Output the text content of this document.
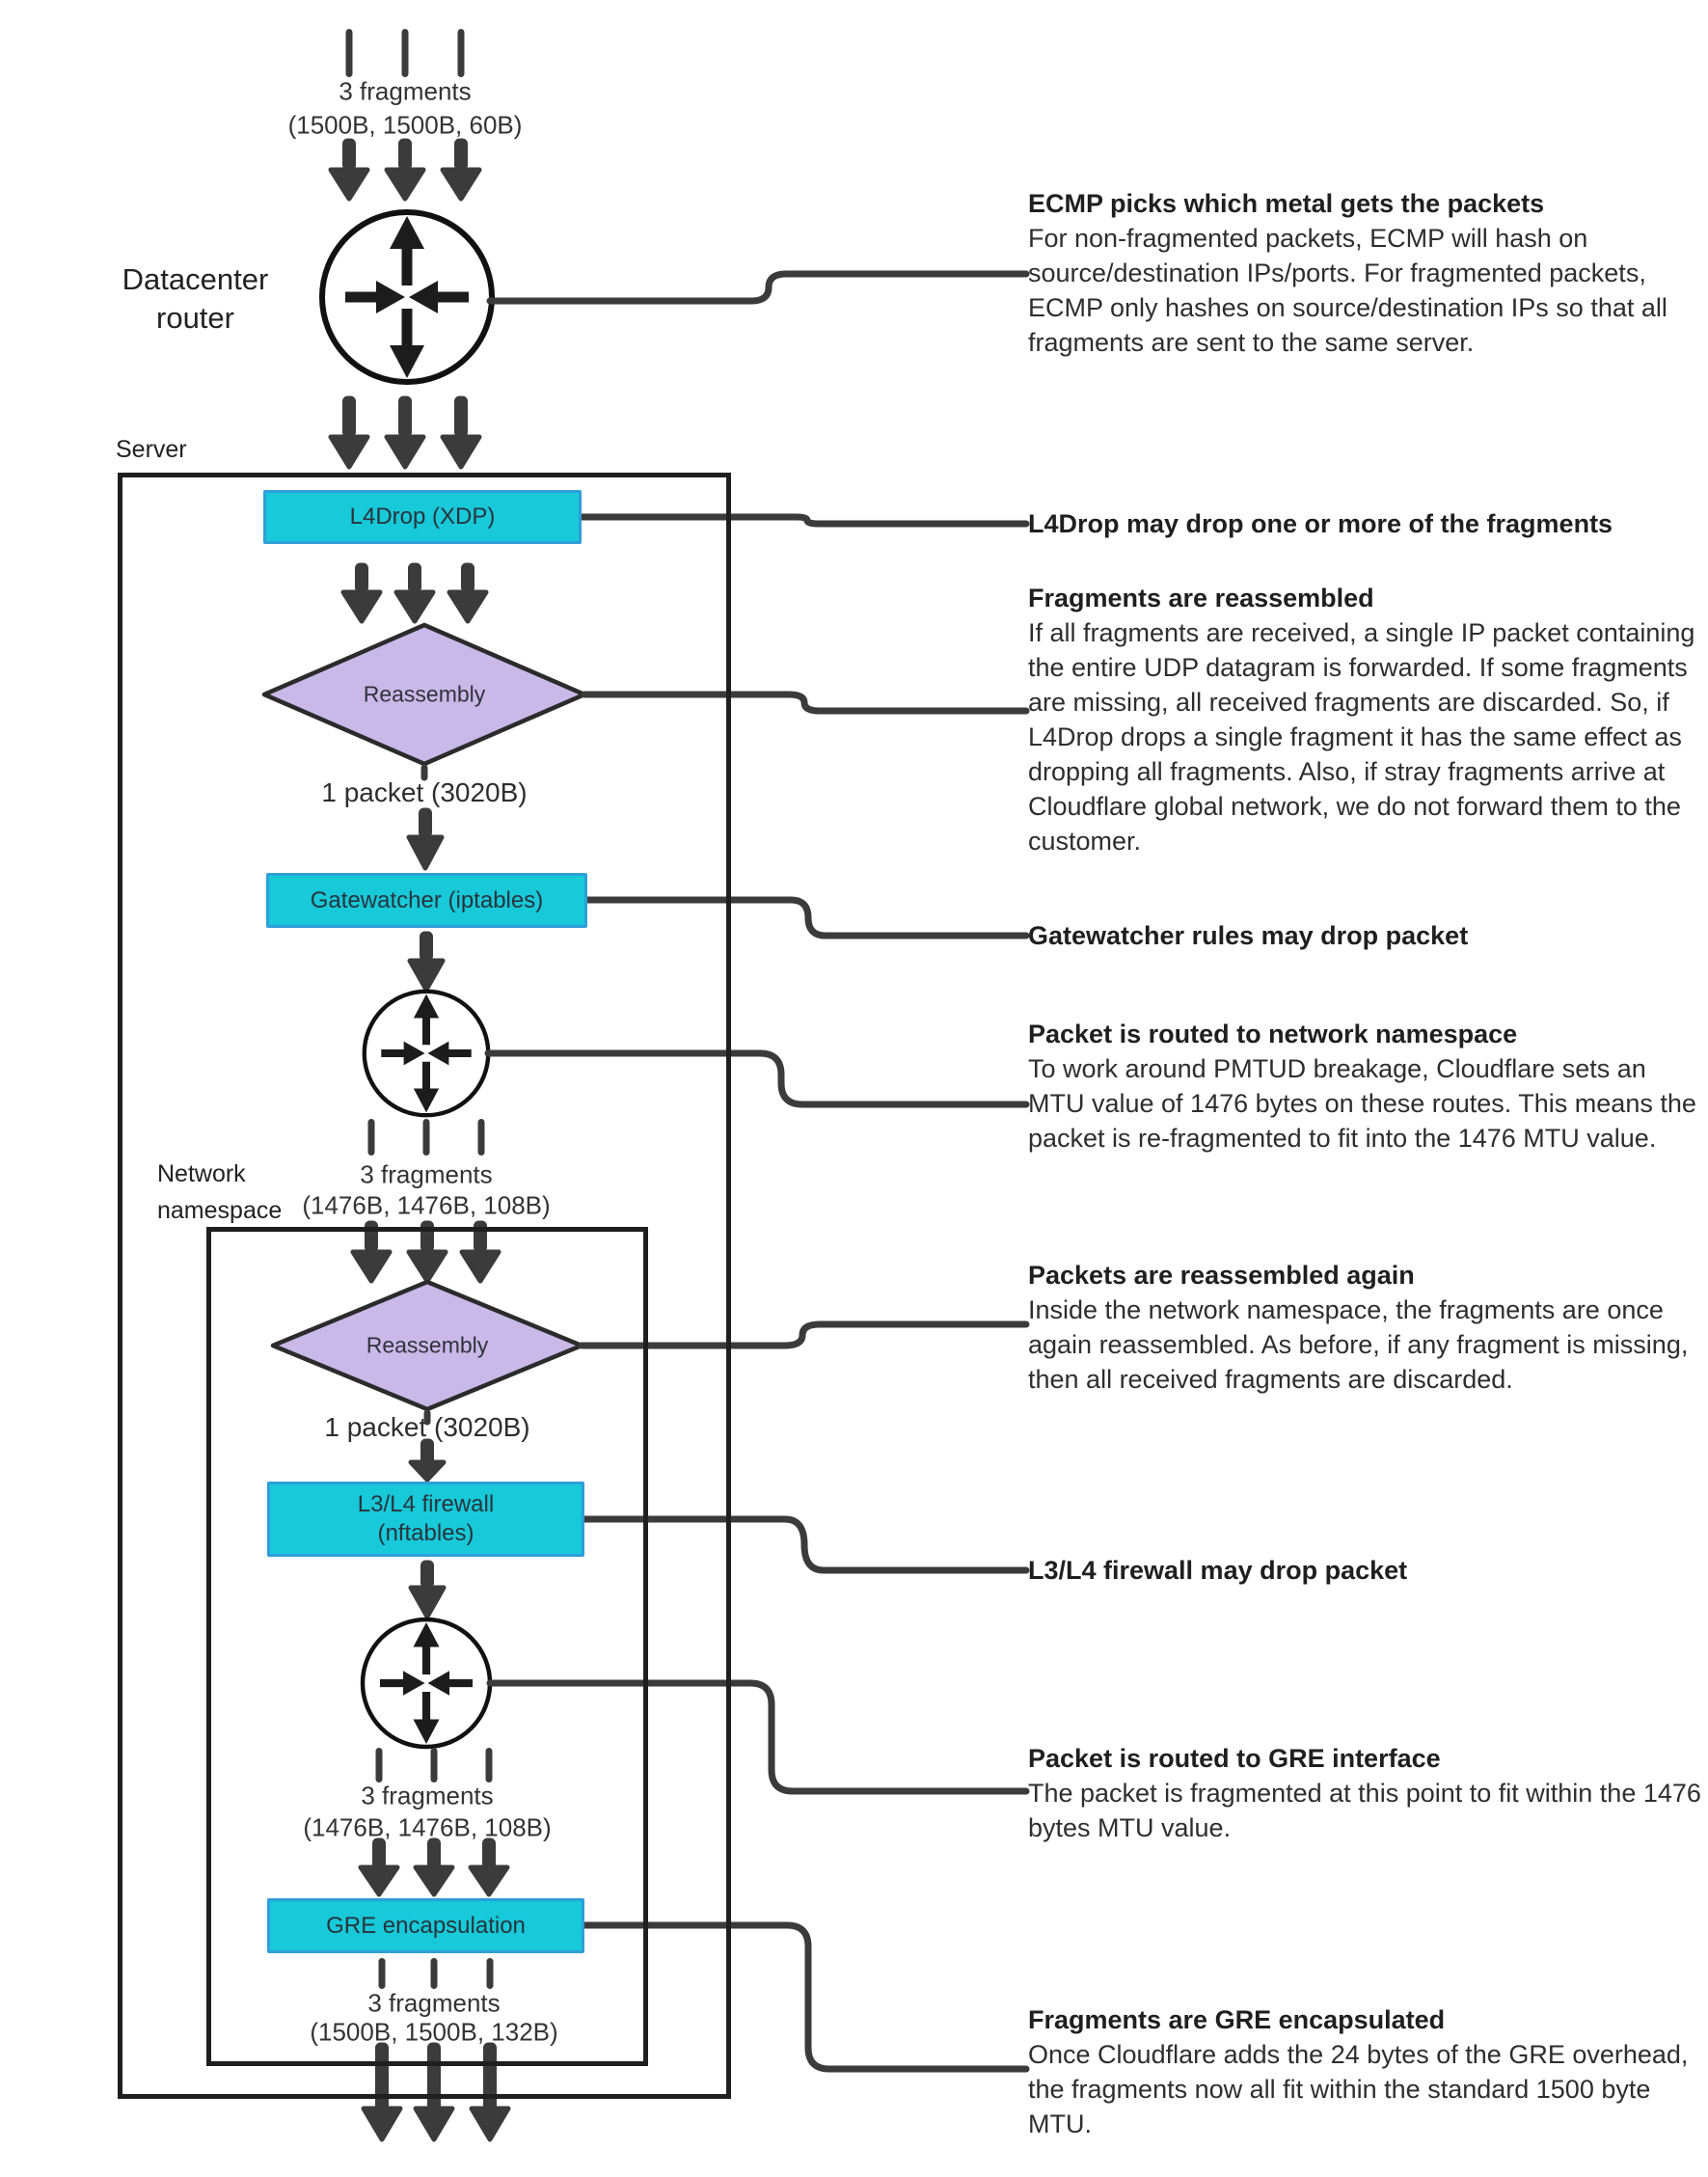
Server
Network namespace
Datacenter router
L4Drop (XDP)
Gatewatcher (iptables)
L3/L4 firewall
(nftables)
GRE encapsulation
Reassembly
Reassembly
3 fragments
(1500B, 1500B, 60B)
1 packet (3020B)
3 fragments
(1476B, 1476B, 108B)
1 packet (3020B)
3 fragments
(1476B, 1476B, 108B)
3 fragments
(1500B, 1500B, 132B)
ECMP picks which metal gets the packets
For non-fragmented packets, ECMP will hash on source/destination IPs/ports. For fragmented packets, ECMP only hashes on source/destination IPs so that all fragments are sent to the same server.
L4Drop may drop one or more of the fragments
Fragments are reassembled
If all fragments are received, a single IP packet containing the entire UDP datagram is forwarded. If some fragments are missing, all received fragments are discarded. So, if L4Drop drops a single fragment it has the same effect as dropping all fragments. Also, if stray fragments arrive at Cloudflare global network, we do not forward them to the customer.
Gatewatcher rules may drop packet
Packet is routed to network namespace
To work around PMTUD breakage, Cloudflare sets an MTU value of 1476 bytes on these routes. This means the packet is re-fragmented to fit into the 1476 MTU value.
Packets are reassembled again
Inside the network namespace, the fragments are once again reassembled. As before, if any fragment is missing, then all received fragments are discarded.
L3/L4 firewall may drop packet
Packet is routed to GRE interface
The packet is fragmented at this point to fit within the 1476 bytes MTU value.
Fragments are GRE encapsulated
Once Cloudflare adds the 24 bytes of the GRE overhead, the fragments now all fit within the standard 1500 byte MTU.
